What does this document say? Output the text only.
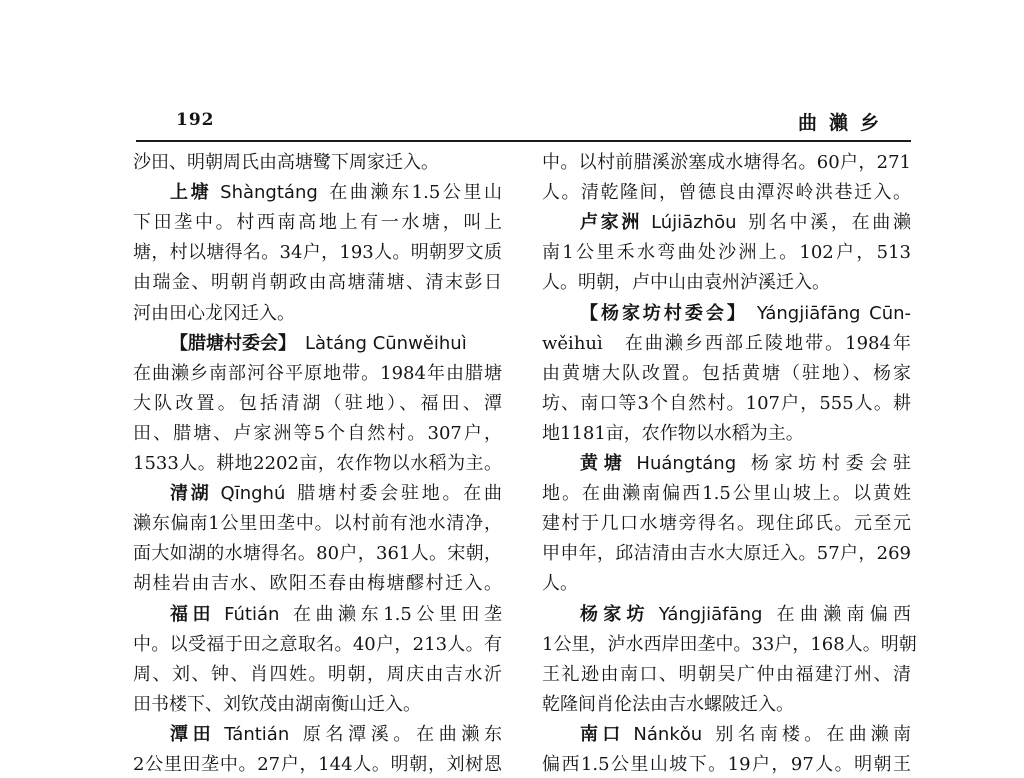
192	曲瀨乡
沙田、明朝周氏由高塘鹭下周家迁入。
上塘  Shàngtáng  在曲濑东1.5公里山
下田垄中。村西南高地上有一水塘，叫上
塘，村以塘得名。34户，193人。明朝罗文质
由瑞金、明朝肖朝政由高塘蒲塘、清末彭日
河由田心龙冈迁入。
【腊塘村委会】  Làtáng Cūnwěihuì
在曲濑乡南部河谷平原地带。1984年由腊塘
大队改置。包括清湖（驻地）、福田、潭
田、腊塘、卢家洲等5个自然村。307户，
1533人。耕地2202亩，农作物以水稻为主。
清湖  Qīnghú  腊塘村委会驻地。在曲
濑东偏南1公里田垄中。以村前有池水清净，
面大如湖的水塘得名。80户，361人。宋朝，
胡桂岩由吉水、欧阳丕春由梅塘醪村迁入。
福田  Fútián  在曲濑东1.5公里田垄
中。以受福于田之意取名。40户，213人。有
周、刘、钟、肖四姓。明朝，周庆由吉水沂
田书楼下、刘钦茂由湖南衡山迁入。
潭田  Tántián  原名潭溪。在曲濑东
2公里田垄中。27户，144人。明朝，刘树恩
中。以村前腊溪淤塞成水塘得名。60户，271
人。清乾隆间，曾德良由潭浕岭洪巷迁入。
卢家洲  Lújiāzhōu  别名中溪，在曲濑
南1公里禾水弯曲处沙洲上。102户，513
人。明朝，卢中山由袁州泸溪迁入。
【杨家坊村委会】  Yángjiāfāng Cūn-
wěihuì　在曲濑乡西部丘陵地带。1984年
由黄塘大队改置。包括黄塘（驻地）、杨家
坊、南口等3个自然村。107户，555人。耕
地1181亩，农作物以水稻为主。
黄塘  Huángtáng  杨家坊村委会驻
地。在曲濑南偏西1.5公里山坡上。以黄姓
建村于几口水塘旁得名。现住邱氏。元至元
甲申年，邱洁清由吉水大原迁入。57户，269
人。
杨家坊  Yángjiāfāng  在曲濑南偏西
1公里，泸水西岸田垄中。33户，168人。明朝
王礼逊由南口、明朝吴广仲由福建汀州、清
乾隆间肖伦法由吉水螺陂迁入。
南口  Nánkǒu  别名南楼。在曲濑南
偏西1.5公里山坡下。19户，97人。明朝王
